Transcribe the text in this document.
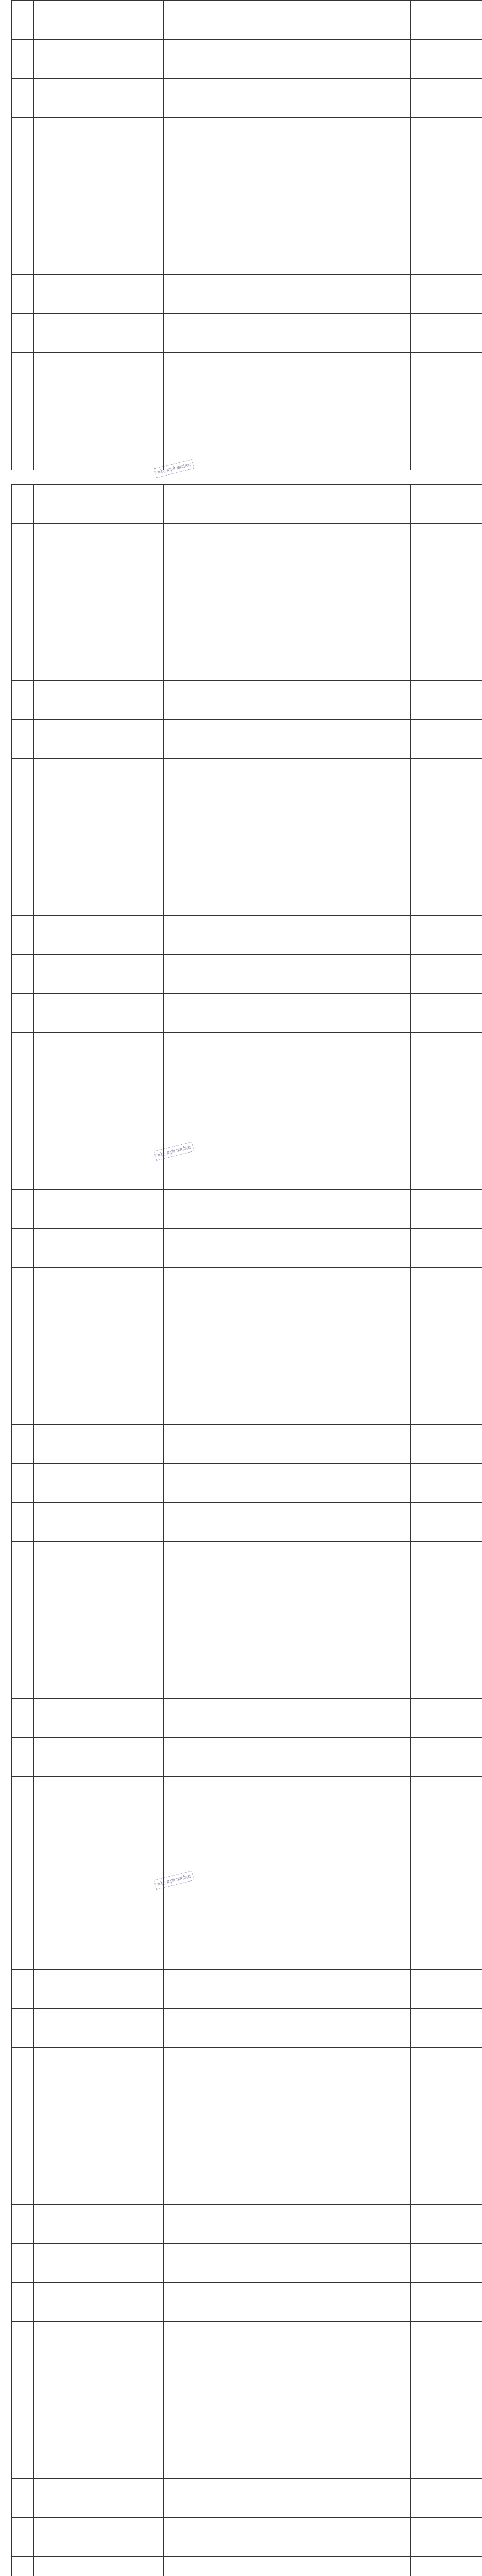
प्रदेश प्रहरी कार्यालय
प्रदेश प्रहरी कार्यालय
प्रदेश प्रहरी कार्यालय
